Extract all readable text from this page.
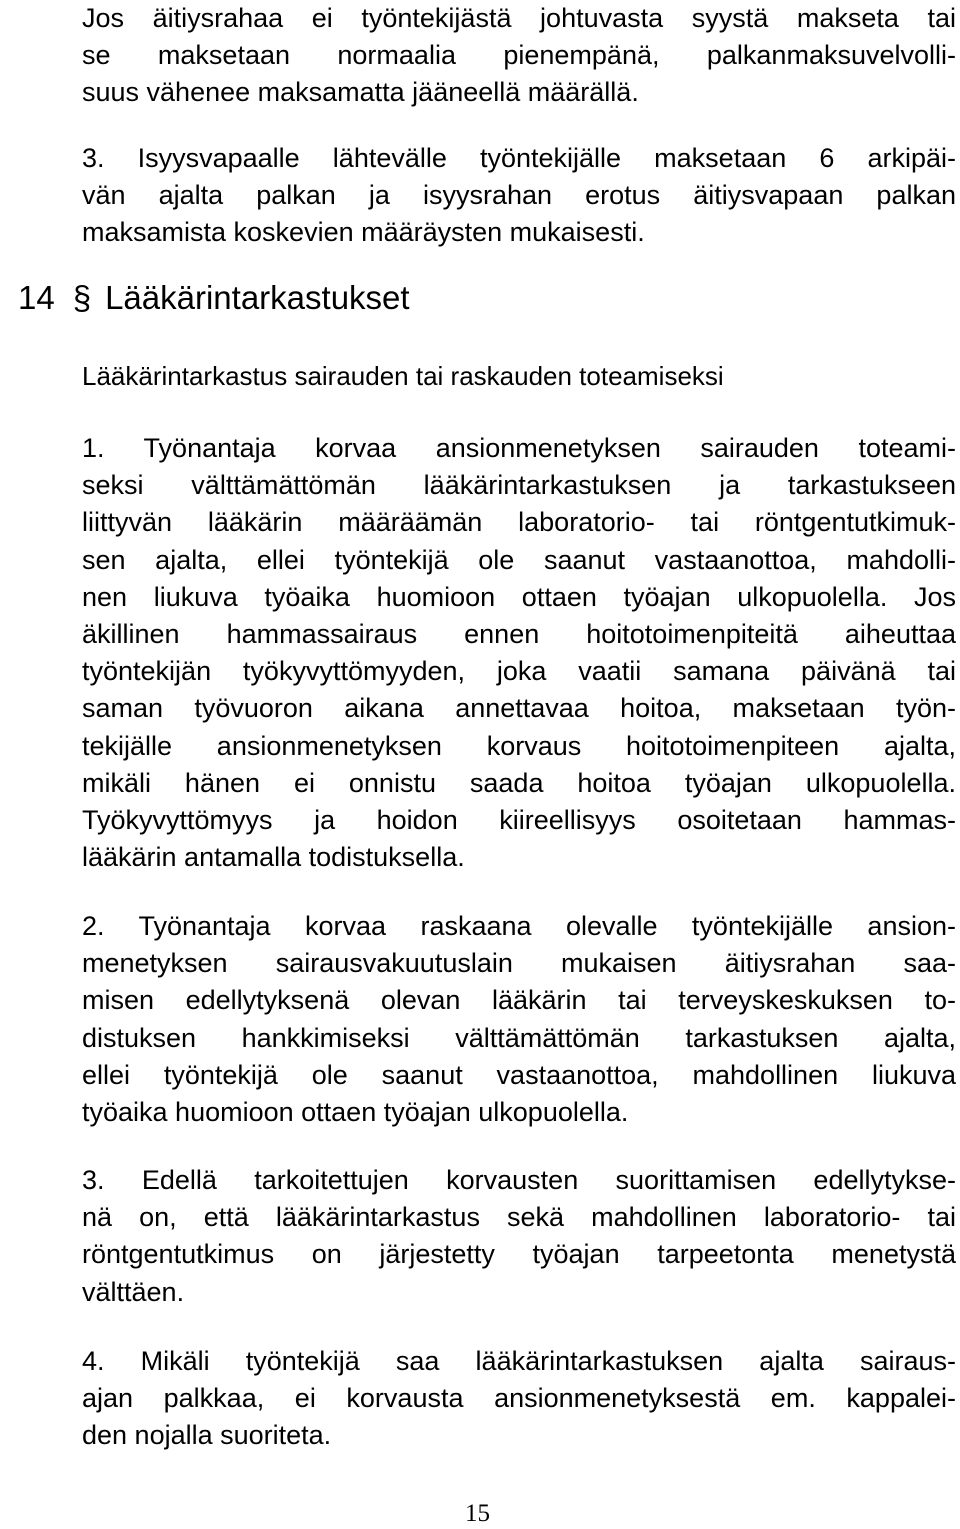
Jos äitiysrahaa ei työntekijästä johtuvasta syystä makseta tai
se maksetaan normaalia pienempänä, palkanmaksuvelvolli-
suus vähenee maksamatta jääneellä määrällä.
3. Isyysvapaalle lähtevälle työntekijälle maksetaan 6 arkipäi-
vän ajalta palkan ja isyysrahan erotus äitiysvapaan palkan
maksamista koskevien määräysten mukaisesti.
14 § Lääkärintarkastukset
Lääkärintarkastus sairauden tai raskauden toteamiseksi
1. Työnantaja korvaa ansionmenetyksen sairauden toteami-
seksi välttämättömän lääkärintarkastuksen ja tarkastukseen
liittyvän lääkärin määräämän laboratorio- tai röntgentutkimuk-
sen ajalta, ellei työntekijä ole saanut vastaanottoa, mahdolli-
nen liukuva työaika huomioon ottaen työajan ulkopuolella. Jos
äkillinen hammassairaus ennen hoitotoimenpiteitä aiheuttaa
työntekijän työkyvyttömyyden, joka vaatii samana päivänä tai
saman työvuoron aikana annettavaa hoitoa, maksetaan työn-
tekijälle ansionmenetyksen korvaus hoitotoimenpiteen ajalta,
mikäli hänen ei onnistu saada hoitoa työajan ulkopuolella.
Työkyvyttömyys ja hoidon kiireellisyys osoitetaan hammas-
lääkärin antamalla todistuksella.
2. Työnantaja korvaa raskaana olevalle työntekijälle ansion-
menetyksen sairausvakuutuslain mukaisen äitiysrahan saa-
misen edellytyksenä olevan lääkärin tai terveyskeskuksen to-
distuksen hankkimiseksi välttämättömän tarkastuksen ajalta,
ellei työntekijä ole saanut vastaanottoa, mahdollinen liukuva
työaika huomioon ottaen työajan ulkopuolella.
3. Edellä tarkoitettujen korvausten suorittamisen edellytykse-
nä on, että lääkärintarkastus sekä mahdollinen laboratorio- tai
röntgentutkimus on järjestetty työajan tarpeetonta menetystä
välttäen.
4. Mikäli työntekijä saa lääkärintarkastuksen ajalta sairaus-
ajan palkkaa, ei korvausta ansionmenetyksestä em. kappalei-
den nojalla suoriteta.
15
